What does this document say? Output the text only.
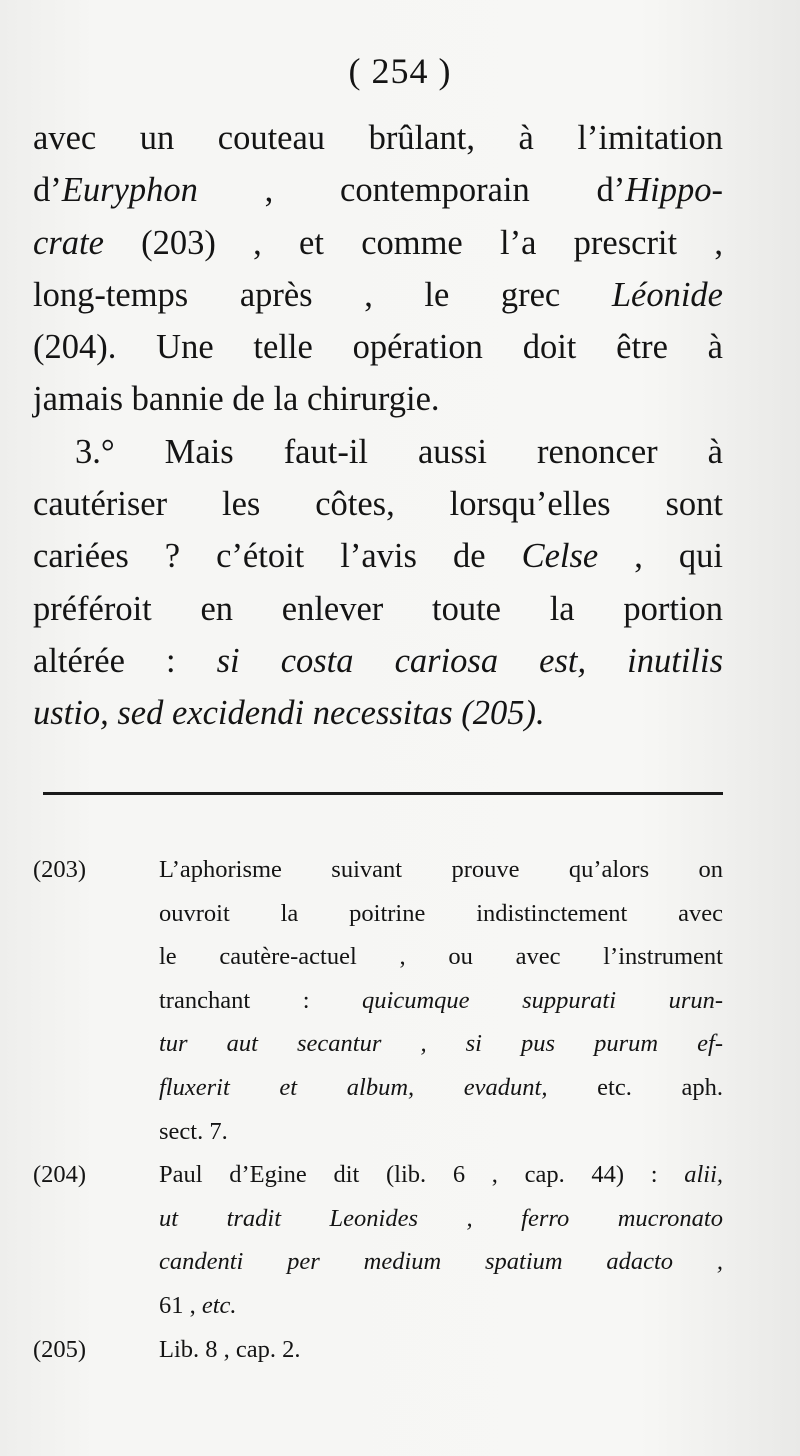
( 254 )
avec un couteau brûlant, à l’imitation
d’Euryphon , contemporain d’Hippo-
crate (203) , et comme l’a prescrit ,
long-temps après , le grec Léonide
(204). Une telle opération doit être à
jamais bannie de la chirurgie.
3.° Mais faut-il aussi renoncer à
cautériser les côtes, lorsqu’elles sont
cariées ? c’étoit l’avis de Celse , qui
préféroit en enlever toute la portion
altérée : si costa cariosa est, inutilis
ustio, sed excidendi necessitas (205).
(203)	L’aphorisme suivant prouve qu’alors on
ouvroit la poitrine indistinctement avec
le cautère-actuel , ou avec l’instrument
tranchant : quicumque suppurati urun-
tur aut secantur , si pus purum ef-
fluxerit et album, evadunt, etc. aph.
sect. 7.
(204)	Paul d’Egine dit (lib. 6 , cap. 44) : alii,
ut tradit Leonides , ferro mucronato
candenti per medium spatium adacto ,
61 , etc.
(205)	Lib. 8 , cap. 2.
